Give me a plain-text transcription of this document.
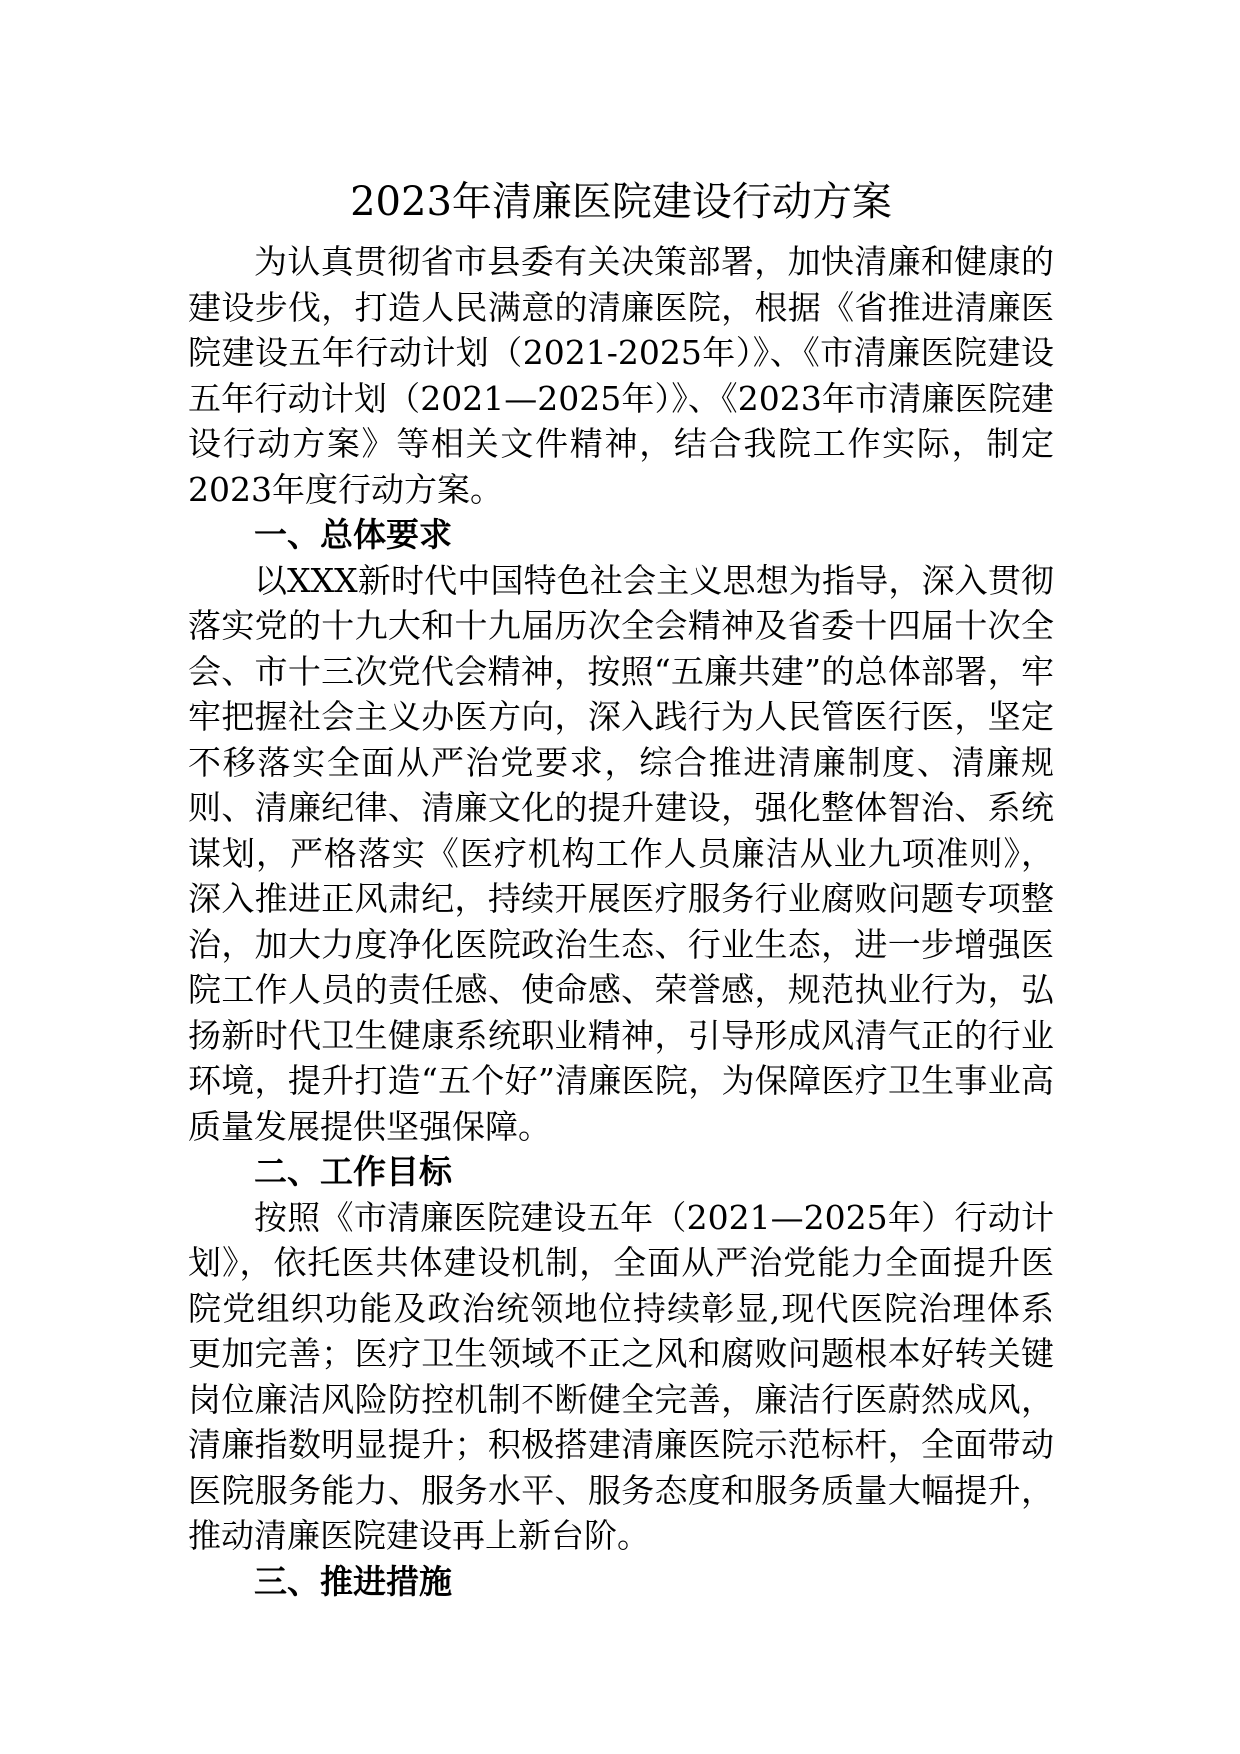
2023年清廉医院建设行动方案

为认真贯彻省市县委有关决策部署，加快清廉和健康的建设步伐，打造人民满意的清廉医院，根据《省推进清廉医院建设五年行动计划（2021-2025年）》、《市清廉医院建设五年行动计划（2021—2025年）》、《2023年市清廉医院建设行动方案》等相关文件精神，结合我院工作实际，制定2023年度行动方案。

一、总体要求

以XXX新时代中国特色社会主义思想为指导，深入贯彻落实党的十九大和十九届历次全会精神及省委十四届十次全会、市十三次党代会精神，按照“五廉共建”的总体部署，牢牢把握社会主义办医方向，深入践行为人民管医行医，坚定不移落实全面从严治党要求，综合推进清廉制度、清廉规则、清廉纪律、清廉文化的提升建设，强化整体智治、系统谋划，严格落实《医疗机构工作人员廉洁从业九项准则》，深入推进正风肃纪，持续开展医疗服务行业腐败问题专项整治，加大力度净化医院政治生态、行业生态，进一步增强医院工作人员的责任感、使命感、荣誉感，规范执业行为，弘扬新时代卫生健康系统职业精神，引导形成风清气正的行业环境，提升打造“五个好”清廉医院，为保障医疗卫生事业高质量发展提供坚强保障。

二、工作目标

按照《市清廉医院建设五年（2021—2025年）行动计划》，依托医共体建设机制，全面从严治党能力全面提升医院党组织功能及政治统领地位持续彰显,现代医院治理体系更加完善；医疗卫生领域不正之风和腐败问题根本好转关键岗位廉洁风险防控机制不断健全完善，廉洁行医蔚然成风，清廉指数明显提升；积极搭建清廉医院示范标杆，全面带动医院服务能力、服务水平、服务态度和服务质量大幅提升，推动清廉医院建设再上新台阶。

三、推进措施
